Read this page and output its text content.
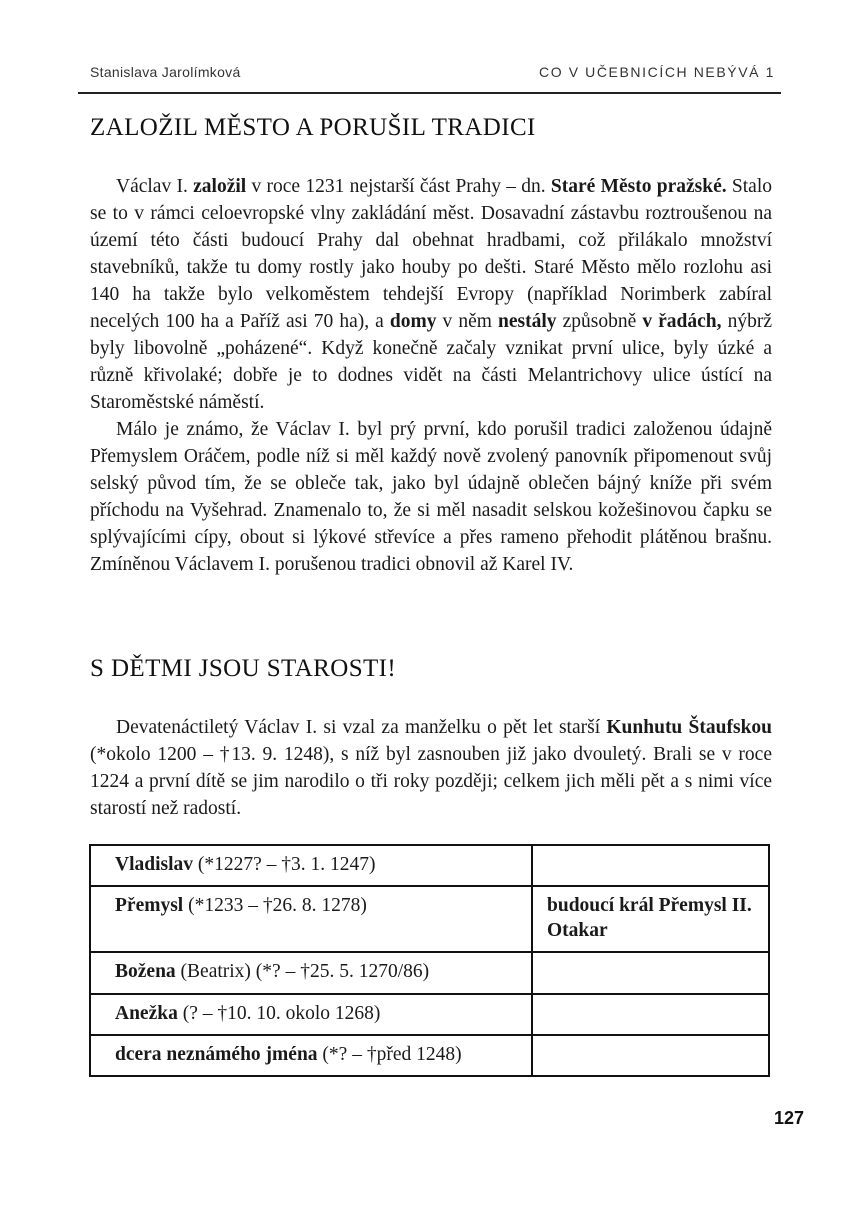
Stanislava Jarolímková	CO V UČEBNICÍCH NEBÝVÁ 1
ZALOŽIL MĚSTO A PORUŠIL TRADICI

Václav I. založil v roce 1231 nejstarší část Prahy – dn. Staré Město pražské. Stalo se to v rámci celoevropské vlny zakládání měst. Dosavadní zástavbu roztroušenou na území této části budoucí Prahy dal obehnat hradbami, což přilákalo množství stavebníků, takže tu domy rostly jako houby po dešti. Staré Město mělo rozlohu asi 140 ha takže bylo velkoměstem tehdejší Evropy (například Norimberk zabíral necelých 100 ha a Paříž asi 70 ha), a domy v něm nestály způsobně v řadách, nýbrž byly libovolně „poházené“. Když konečně začaly vznikat první ulice, byly úzké a různě křivolaké; dobře je to dodnes vidět na části Melantrichovy ulice ústící na Staroměstské náměstí.

Málo je známo, že Václav I. byl prý první, kdo porušil tradici založenou údajně Přemyslem Oráčem, podle níž si měl každý nově zvolený panovník připomenout svůj selský původ tím, že se obleče tak, jako byl údajně oblečen bájný kníže při svém příchodu na Vyšehrad. Znamenalo to, že si měl nasadit selskou kožešinovou čapku se splývajícími cípy, obout si lýkové střevíce a přes rameno přehodit plátěnou brašnu. Zmíněnou Václavem I. porušenou tradici obnovil až Karel IV.

S DĚTMI JSOU STAROSTI!

Devatenáctiletý Václav I. si vzal za manželku o pět let starší Kunhutu Štaufskou (*okolo 1200 – †13. 9. 1248), s níž byl zasnouben již jako dvouletý. Brali se v roce 1224 a první dítě se jim narodilo o tři roky později; celkem jich měli pět a s nimi více starostí než radostí.

Vladislav (*1227? – †3. 1. 1247)	
Přemysl (*1233 – †26. 8. 1278)	budoucí král Přemysl II. Otakar
Božena (Beatrix) (*? – †25. 5. 1270/86)	
Anežka (? – †10. 10. okolo 1268)	
dcera neznámého jména (*? – †před 1248)	
127
